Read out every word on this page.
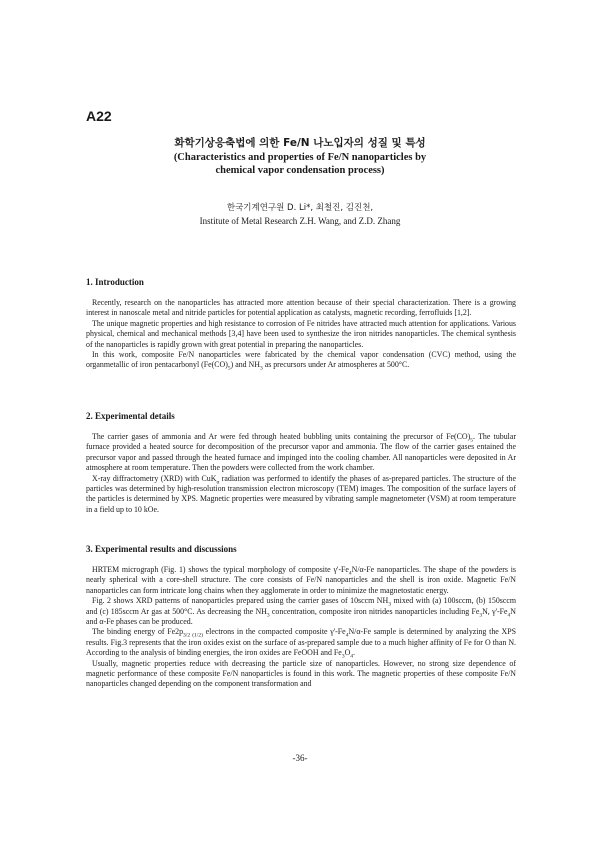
A22
화학기상응축법에 의한 Fe/N 나노입자의 성질 및 특성
(Characteristics and properties of Fe/N nanoparticles by
chemical vapor condensation process)
한국기계연구원 D. Li*, 최철진, 김진천,
Institute of Metal Research Z.H. Wang, and Z.D. Zhang
1. Introduction

Recently, research on the nanoparticles has attracted more attention because of their special characterization. There is a growing interest in nanoscale metal and nitride particles for potential application as catalysts, magnetic recording, ferrofluids [1,2].

The unique magnetic properties and high resistance to corrosion of Fe nitrides have attracted much attention for applications. Various physical, chemical and mechanical methods [3,4] have been used to synthesize the iron nitrides nanoparticles. The chemical synthesis of the nanoparticles is rapidly grown with great potential in preparing the nanoparticles.

In this work, composite Fe/N nanoparticles were fabricated by the chemical vapor condensation (CVC) method, using the organmetallic of iron pentacarbonyl $(Fe(CO)_5)$ and $NH_3$ as precursors under Ar atmospheres at 500°C.

2. Experimental details

The carrier gases of ammonia and Ar were fed through heated bubbling units containing the precursor of $Fe(CO)_5$. The tubular furnace provided a heated source for decomposition of the precursor vapor and ammonia. The flow of the carrier gases entained the precursor vapor and passed through the heated furnace and impinged into the cooling chamber. All nanoparticles were deposited in Ar atmosphere at room temperature. Then the powders were collected from the work chamber.

X-ray diffractometry (XRD) with CuK$_\alpha$ radiation was performed to identify the phases of as-prepared particles. The structure of the particles was determined by high-resolution transmission electron microscopy (TEM) images. The composition of the surface layers of the particles is determined by XPS. Magnetic properties were measured by vibrating sample magnetometer (VSM) at room temperature in a field up to 10 kOe.

3. Experimental results and discussions

HRTEM micrograph (Fig. 1) shows the typical morphology of composite $\gamma'-Fe_4N/\alpha-Fe$ nanoparticles. The shape of the powders is nearly spherical with a core-shell structure. The core consists of Fe/N nanoparticles and the shell is iron oxide. Magnetic Fe/N nanoparticles can form intricate long chains when they agglomerate in order to minimize the magnetostatic energy.

Fig. 2 shows XRD patterns of nanoparticles prepared using the carrier gases of 10sccm $NH_3$ mixed with (a) 100sccm, (b) 150sccm and (c) 185sccm Ar gas at 500°C. As decreasing the $NH_3$ concentration, composite iron nitrides nanoparticles including $Fe_3N$, $\gamma'-Fe_4N$ and α-Fe phases can be produced.

The binding energy of $Fe2p_{3/2 (1/2)}$ electrons in the compacted composite $\gamma'-Fe_4N/\alpha-Fe$ sample is determined by analyzing the XPS results. Fig.3 represents that the iron oxides exist on the surface of as-prepared sample due to a much higher affinity of Fe for O than N. According to the analysis of binding energies, the iron oxides are FeOOH and $Fe_3O_4$.

Usually, magnetic properties reduce with decreasing the particle size of nanoparticles. However, no strong size dependence of magnetic performance of these composite Fe/N nanoparticles is found in this work. The magnetic properties of these composite Fe/N nanoparticles changed depending on the component transformation and

-36-
